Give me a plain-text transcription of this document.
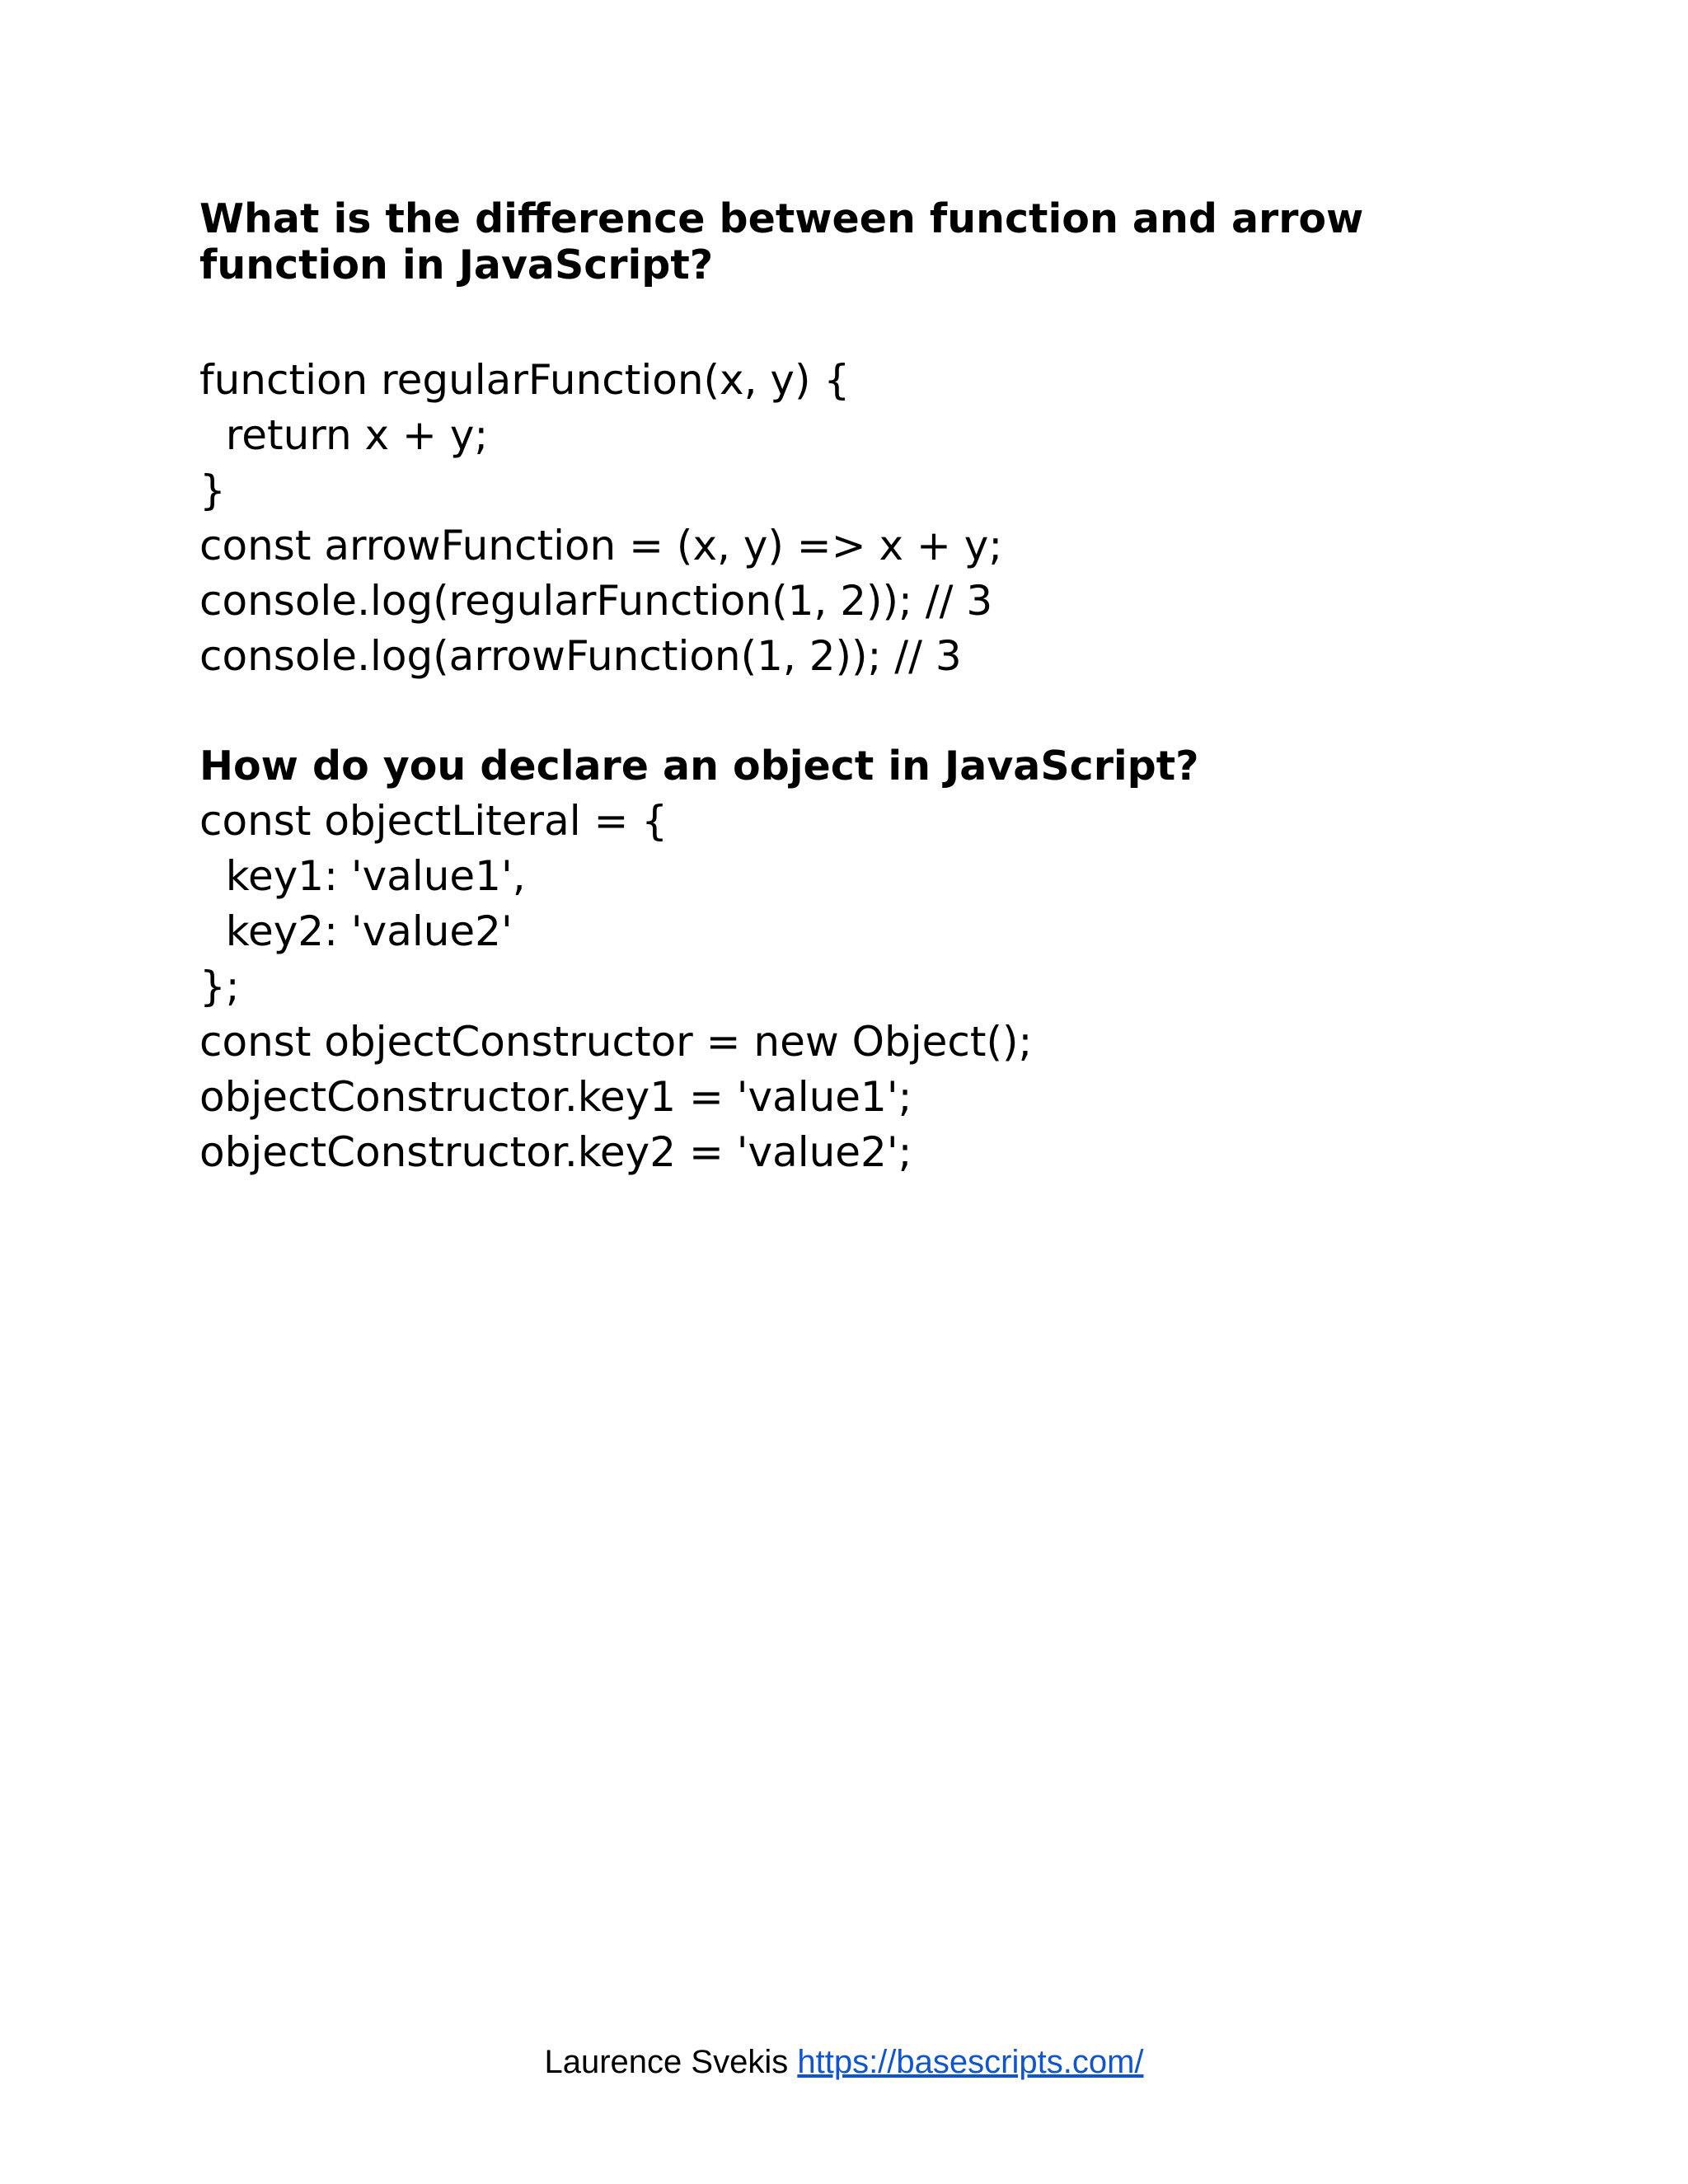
What is the difference between function and arrow function in JavaScript?
function regularFunction(x, y) {
return x + y;
}
const arrowFunction = (x, y) => x + y;
console.log(regularFunction(1, 2)); // 3
console.log(arrowFunction(1, 2)); // 3
How do you declare an object in JavaScript?
const objectLiteral = {
key1: 'value1',
key2: 'value2'
};
const objectConstructor = new Object();
objectConstructor.key1 = 'value1';
objectConstructor.key2 = 'value2';
Laurence Svekis https://basescripts.com/
